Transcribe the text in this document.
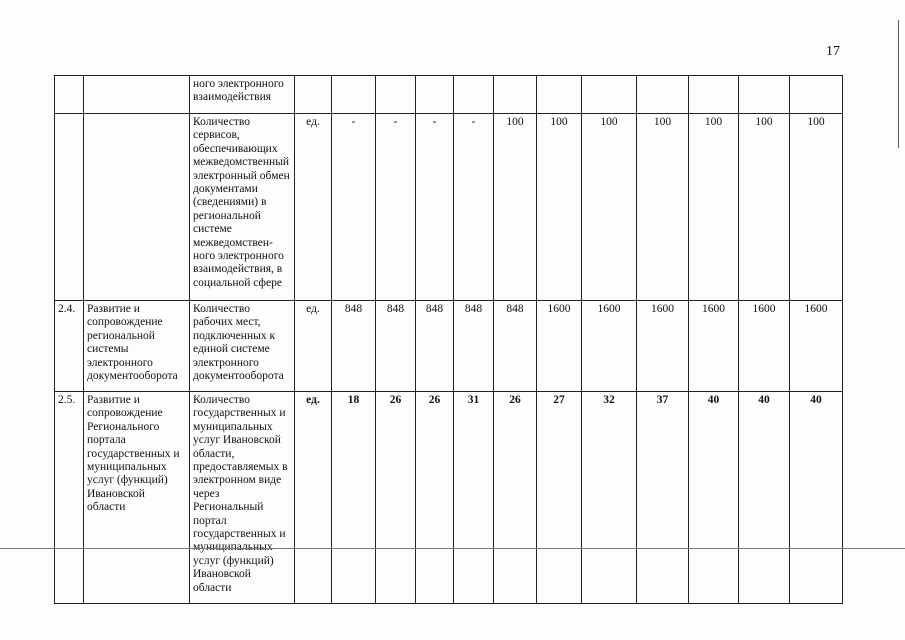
17
		ного электронного взаимодействия												
		Количество сервисов, обеспечивающих межведомственный электронный обмен документами (сведениями) в региональной системе межведомствен-ного электронного взаимодействия, в социальной сфере	ед.	-	-	-	-	100	100	100	100	100	100	100
2.4.	Развитие и сопровождение региональной системы электронного документооборота	Количество рабочих мест, подключенных к единой системе электронного документооборота	ед.	848	848	848	848	848	1600	1600	1600	1600	1600	1600
2.5.	Развитие и сопровождение Регионального портала государственных и муниципальных услуг (функций) Ивановской области	Количество государственных и муниципальных услуг Ивановской области, предоставляемых в электронном виде через Региональный портал государственных и услуг (функций) Ивановской области	ед.	18	26	26	31	26	27	32	37	40	40	40
